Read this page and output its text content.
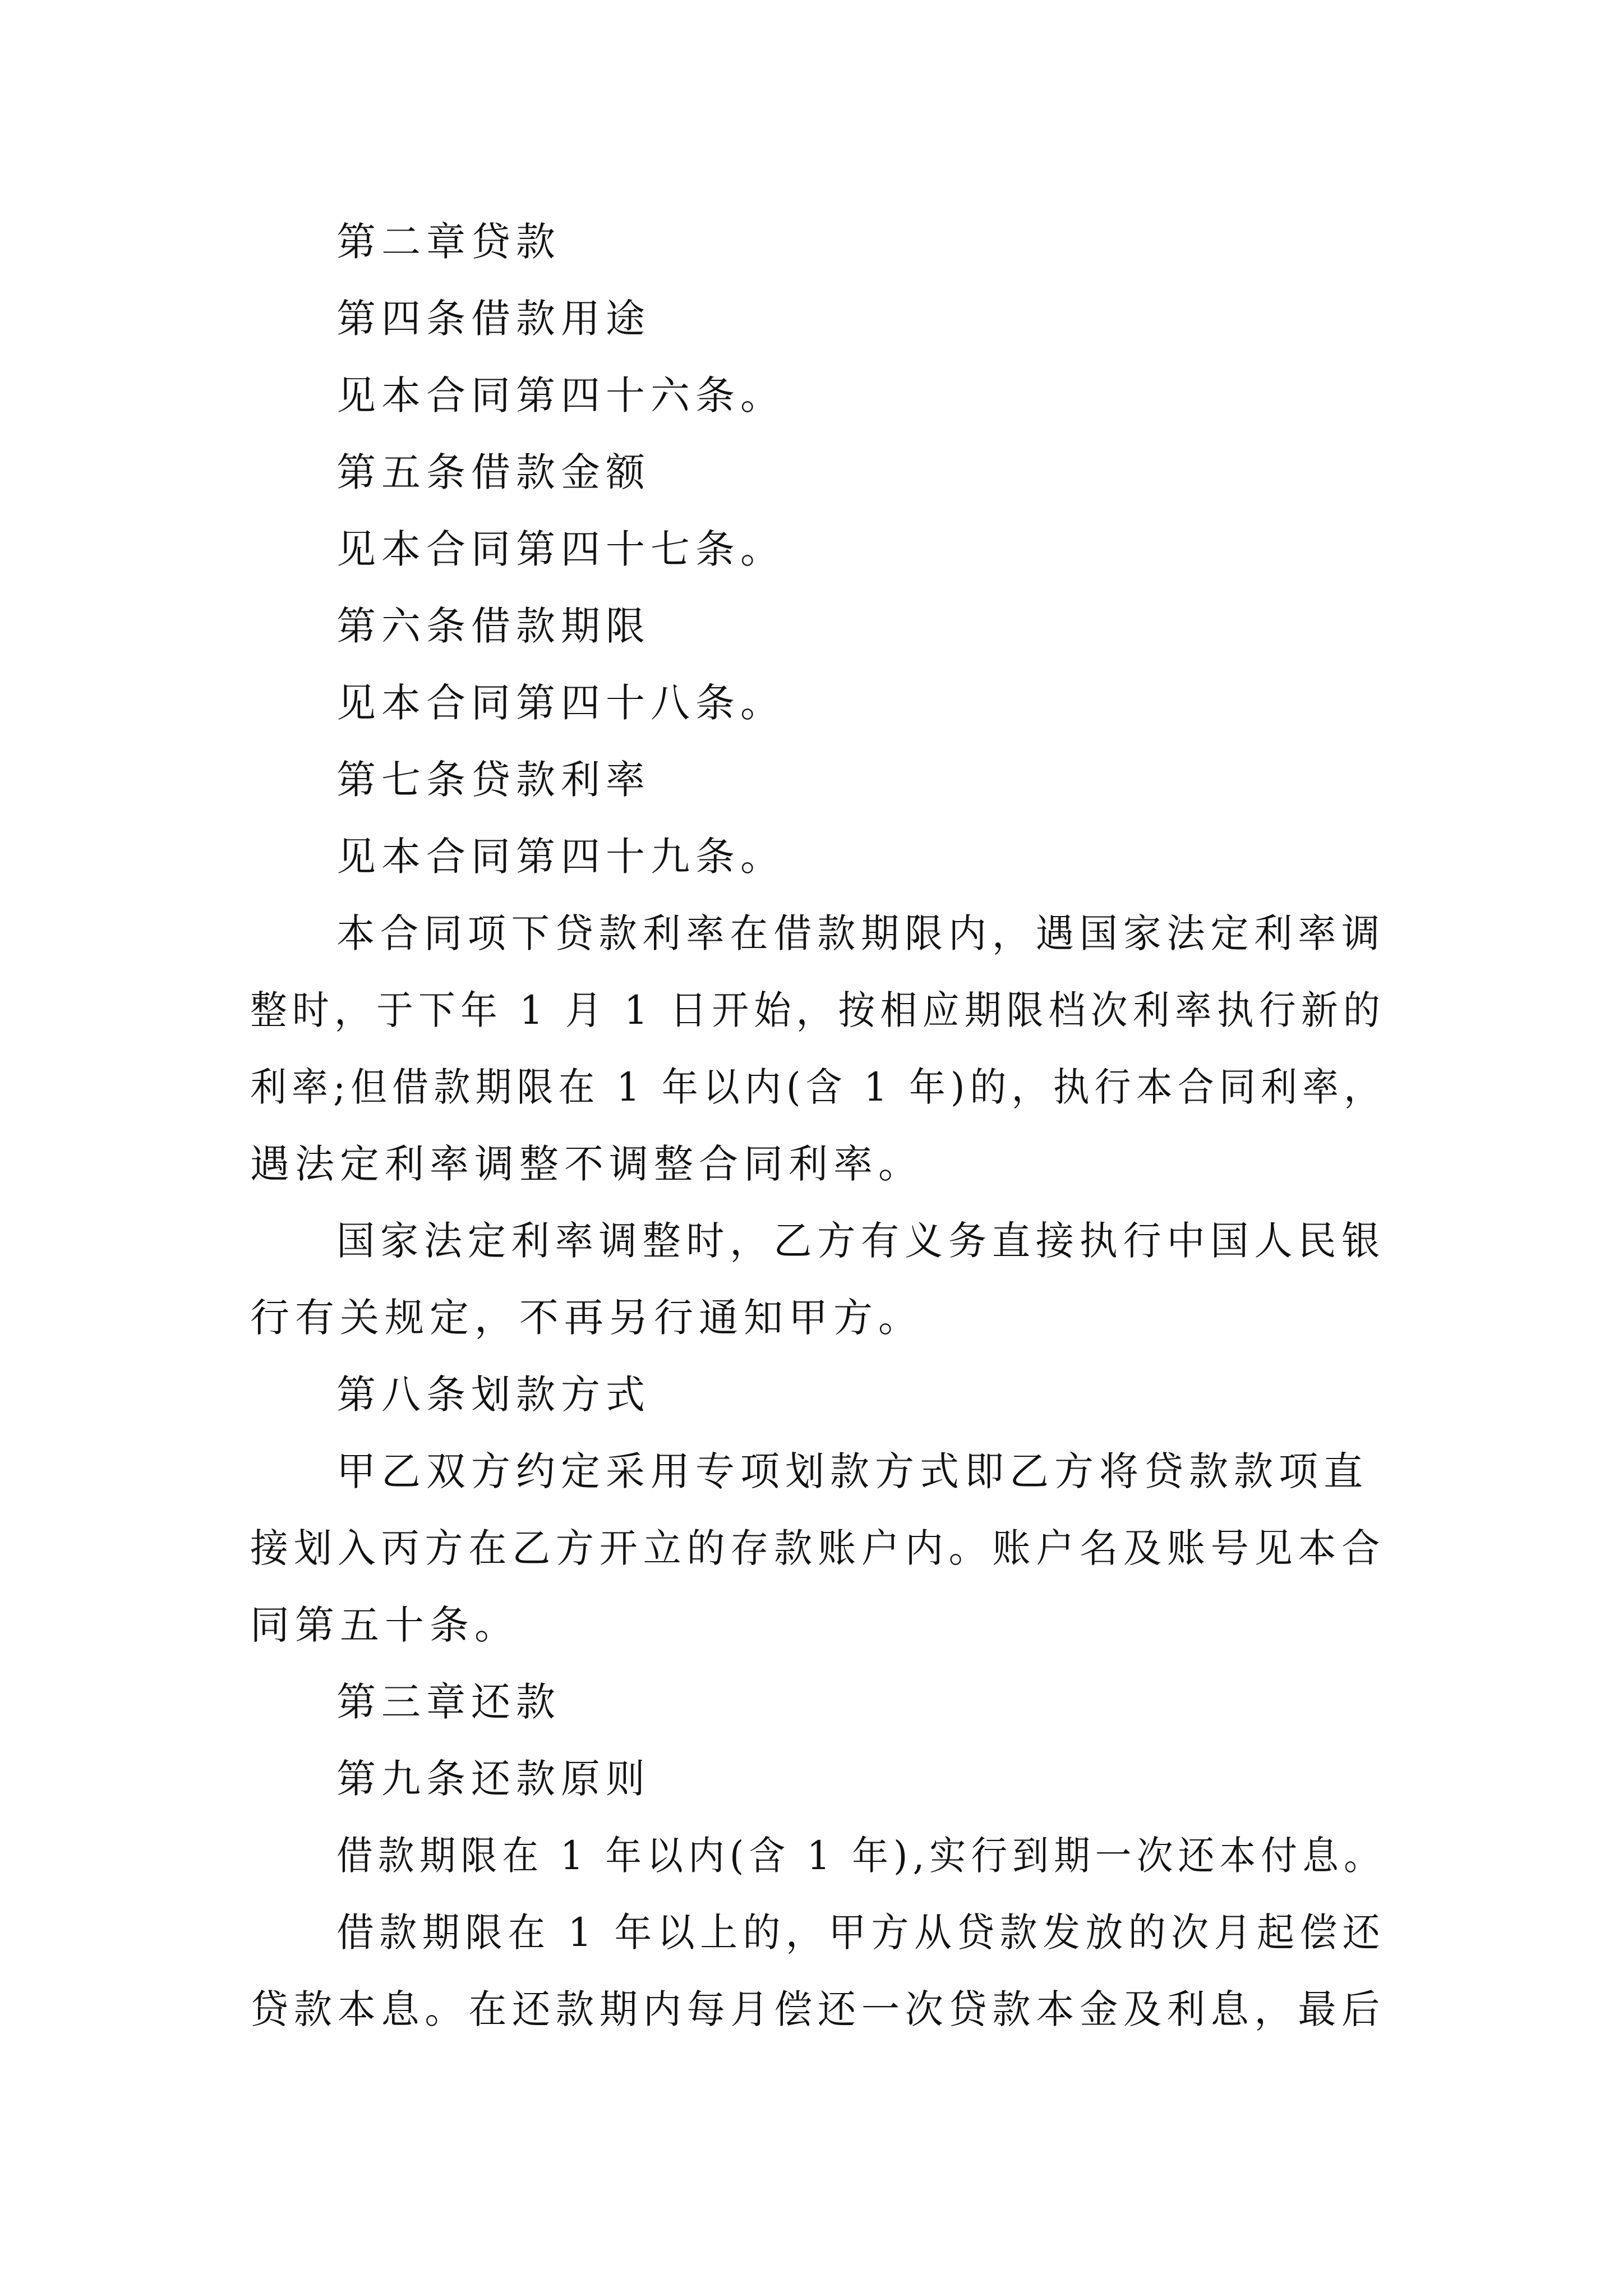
第二章贷款
第四条借款用途
见本合同第四十六条。
第五条借款金额
见本合同第四十七条。
第六条借款期限
见本合同第四十八条。
第七条贷款利率
见本合同第四十九条。
本合同项下贷款利率在借款期限内，遇国家法定利率调
整时，于下年 1 月 1 日开始，按相应期限档次利率执行新的
利率;但借款期限在 1 年以内(含 1 年)的，执行本合同利率，
遇法定利率调整不调整合同利率。
国家法定利率调整时，乙方有义务直接执行中国人民银
行有关规定，不再另行通知甲方。
第八条划款方式
甲乙双方约定采用专项划款方式即乙方将贷款款项直
接划入丙方在乙方开立的存款账户内。账户名及账号见本合
同第五十条。
第三章还款
第九条还款原则
借款期限在 1 年以内(含 1 年),实行到期一次还本付息。
借款期限在 1 年以上的，甲方从贷款发放的次月起偿还
贷款本息。在还款期内每月偿还一次贷款本金及利息，最后
